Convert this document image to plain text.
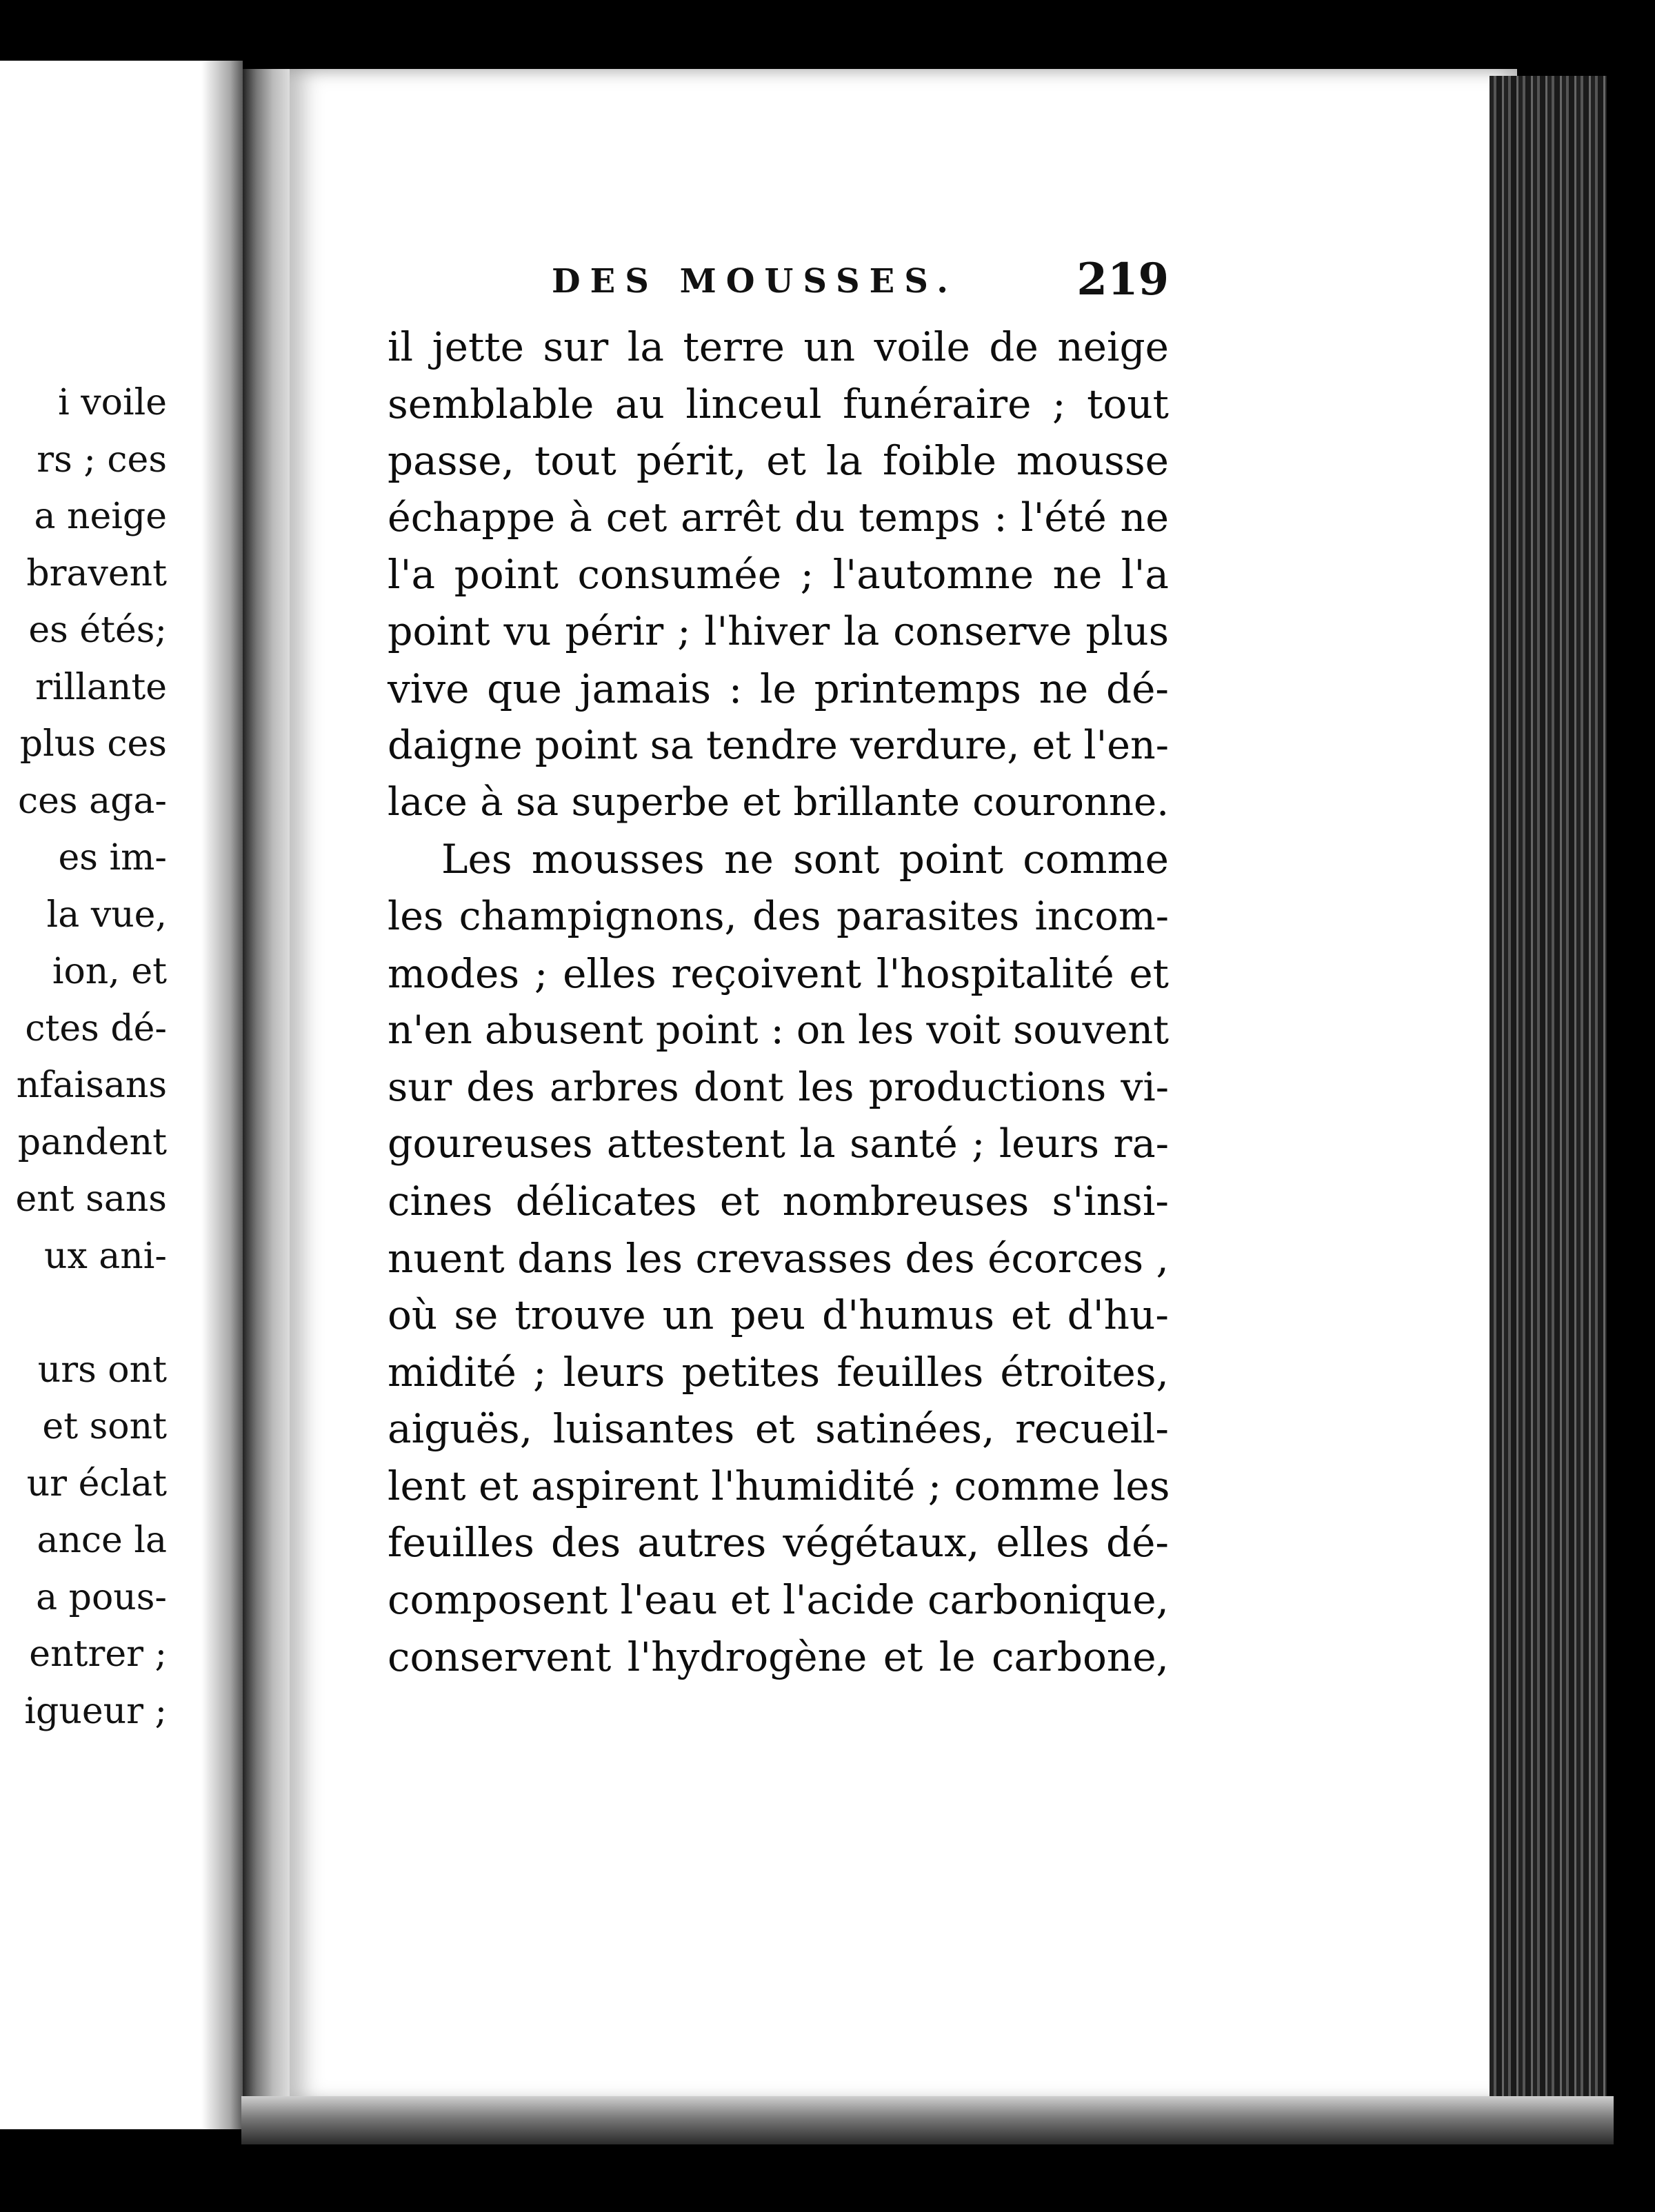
i voile
rs ; ces
a neige
bravent
es étés;
rillante
plus ces
ces aga-
es im-
la vue,
ion, et
ctes dé-
nfaisans
pandent
ent sans
ux ani-
urs ont
et sont
ur éclat
ance la
a pous-
entrer ;
igueur ;
DES MOUSSES.	219
il jette sur la terre un voile de neige
semblable au linceul funéraire ; tout
passe, tout périt, et la foible mousse
échappe à cet arrêt du temps : l'été ne
l'a point consumée ; l'automne ne l'a
point vu périr ; l'hiver la conserve plus
vive que jamais : le printemps ne dé-
daigne point sa tendre verdure, et l'en-
lace à sa superbe et brillante couronne.
Les mousses ne sont point comme
les champignons, des parasites incom-
modes ; elles reçoivent l'hospitalité et
n'en abusent point : on les voit souvent
sur des arbres dont les productions vi-
goureuses attestent la santé ; leurs ra-
cines délicates et nombreuses s'insi-
nuent dans les crevasses des écorces ,
où se trouve un peu d'humus et d'hu-
midité ; leurs petites feuilles étroites,
aiguës, luisantes et satinées, recueil-
lent et aspirent l'humidité ; comme les
feuilles des autres végétaux, elles dé-
composent l'eau et l'acide carbonique,
conservent l'hydrogène et le carbone,
